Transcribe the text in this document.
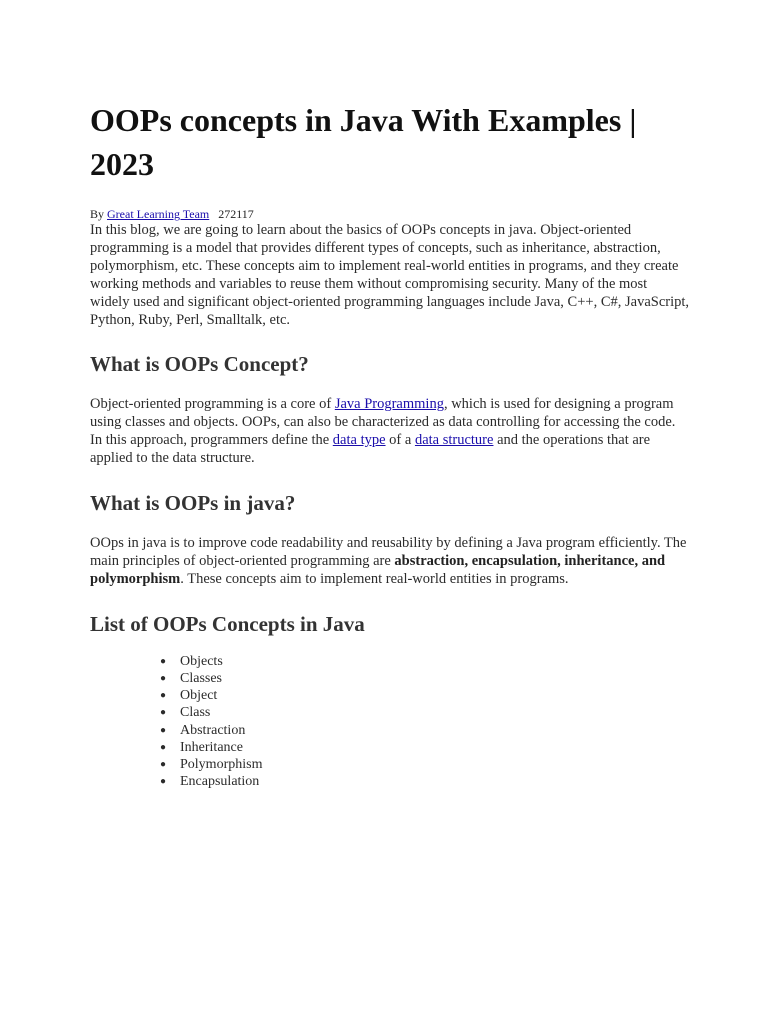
OOPs concepts in Java With Examples | 2023
By Great Learning Team 272117

In this blog, we are going to learn about the basics of OOPs concepts in java. Object-oriented programming is a model that provides different types of concepts, such as inheritance, abstraction, polymorphism, etc. These concepts aim to implement real-world entities in programs, and they create working methods and variables to reuse them without compromising security. Many of the most widely used and significant object-oriented programming languages include Java, C++, C#, JavaScript, Python, Ruby, Perl, Smalltalk, etc.

What is OOPs Concept?

Object-oriented programming is a core of Java Programming, which is used for designing a program using classes and objects. OOPs, can also be characterized as data controlling for accessing the code. In this approach, programmers define the data type of a data structure and the operations that are applied to the data structure.

What is OOPs in java?

OOps in java is to improve code readability and reusability by defining a Java program efficiently. The main principles of object-oriented programming are abstraction, encapsulation, inheritance, and polymorphism. These concepts aim to implement real-world entities in programs.

List of OOPs Concepts in Java
● Objects
● Classes
● Object
● Class
● Abstraction
● Inheritance
● Polymorphism
● Encapsulation
